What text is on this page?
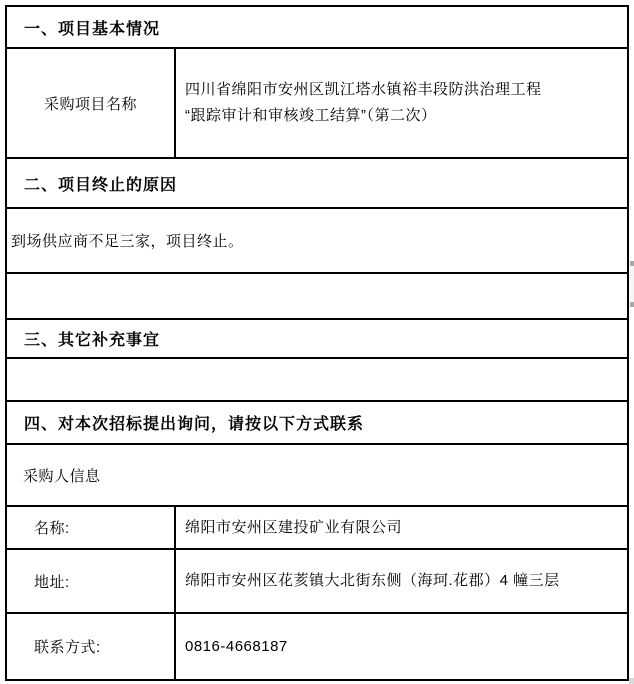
一、项目基本情况
采购项目名称
四川省绵阳市安州区凯江塔水镇裕丰段防洪治理工程
“跟踪审计和审核竣工结算”（第二次）
二、项目终止的原因
到场供应商不足三家，项目终止。
三、其它补充事宜
四、对本次招标提出询问，请按以下方式联系
采购人信息
名称:	绵阳市安州区建投矿业有限公司
地址:	绵阳市安州区花荄镇大北街东侧（海珂.花郡）4 幢三层
联系方式:	0816-4668187
